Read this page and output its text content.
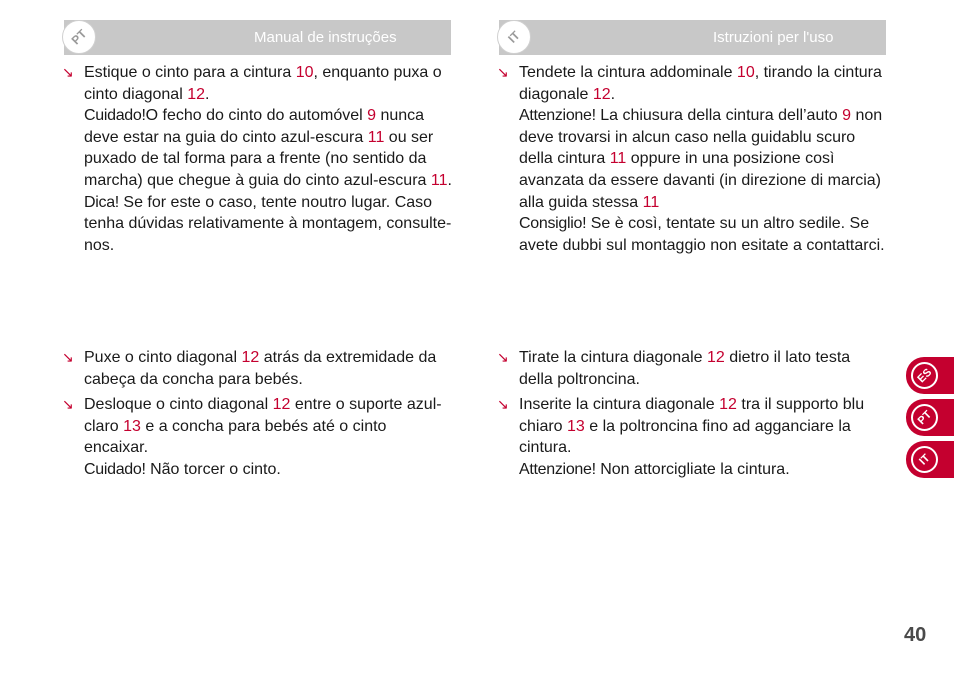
PT	Manual de instruções	IT	Istruzioni per l'uso
↘ Estique o cinto para a cintura 10, enquanto puxa o cinto diagonal 12.
Cuidado!O fecho do cinto do automóvel 9 nunca deve estar na guia do cinto azul-escura 11 ou ser puxado de tal forma para a frente (no sentido da marcha) que chegue à guia do cinto azul-escura 11.
Dica! Se for este o caso, tente noutro lugar. Caso tenha dúvidas relativamente à montagem, consulte-nos.
↘ Tendete la cintura addominale 10, tirando la cintura diagonale 12.
Attenzione! La chiusura della cintura dell’auto 9 non deve trovarsi in alcun caso nella guidablu scuro della cintura 11 oppure in una posizione così avanzata da essere davanti (in direzione di marcia) alla guida stessa 11
Consiglio! Se è così, tentate su un altro sedile. Se avete dubbi sul montaggio non esitate a contattarci.
↘ Puxe o cinto diagonal 12 atrás da extremidade da cabeça da concha para bebés.
↘ Desloque o cinto diagonal 12 entre o suporte azul-claro 13 e a concha para bebés até o cinto encaixar.
Cuidado! Não torcer o cinto.
↘ Tirate la cintura diagonale 12 dietro il lato testa della poltroncina.
↘ Inserite la cintura diagonale 12 tra il supporto blu chiaro 13 e la poltroncina fino ad agganciare la cintura.
Attenzione! Non attorcigliate la cintura.
ES
PT
IT
40
